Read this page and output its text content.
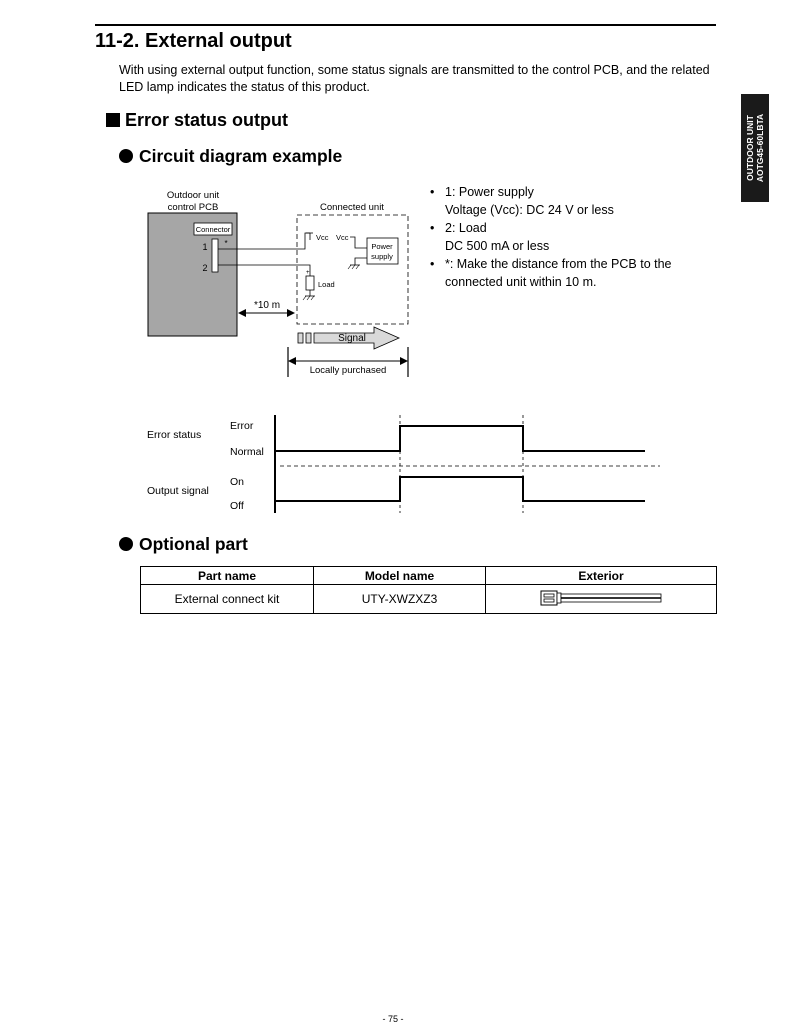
11-2. External output
With using external output function, some status signals are transmitted to the control PCB, and the related LED lamp indicates the status of this product.
OUTDOOR UNIT AOTG45-60LBTA
Error status output
Circuit diagram example
• 1: Power supply
Voltage (Vcc): DC 24 V or less
• 2: Load
DC 500 mA or less
• *: Make the distance from the PCB to the
connected unit within 10 m.
Outdoor unit
control PCB
Connector
1
2
*
Connected unit
Vcc Vcc
Power
supply
+
Load
*10 m
Signal
Locally purchased
Error status
Error
Normal
Output signal
On
Off
Optional part
Part name	Model name	Exterior
External connect kit	UTY-XWZXZ3	
- 75 -
